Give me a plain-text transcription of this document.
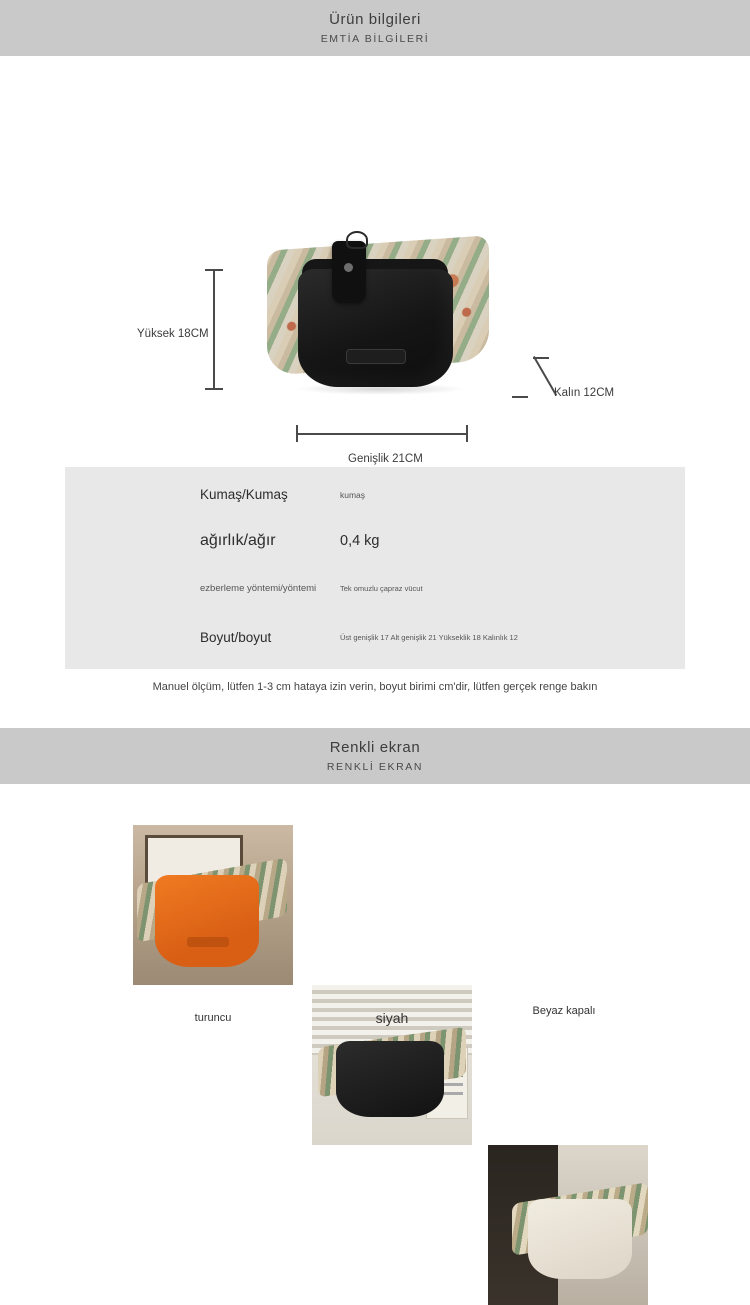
Ürün bilgileri
EMTİA BİLGİLERİ
Yüksek 18CM
Genişlik 21CM
Kalın 12CM
Kumaş/Kumaş	kumaş
ağırlık/ağır	0,4 kg
ezberleme yöntemi/yöntemi	Tek omuzlu çapraz vücut
Boyut/boyut	Üst genişlik 17 Alt genişlik 21 Yükseklik 18 Kalınlık 12
Manuel ölçüm, lütfen 1-3 cm hataya izin verin, boyut birimi cm'dir, lütfen gerçek renge bakın
Renkli ekran
RENKLİ EKRAN
turuncu	siyah	Beyaz kapalı
